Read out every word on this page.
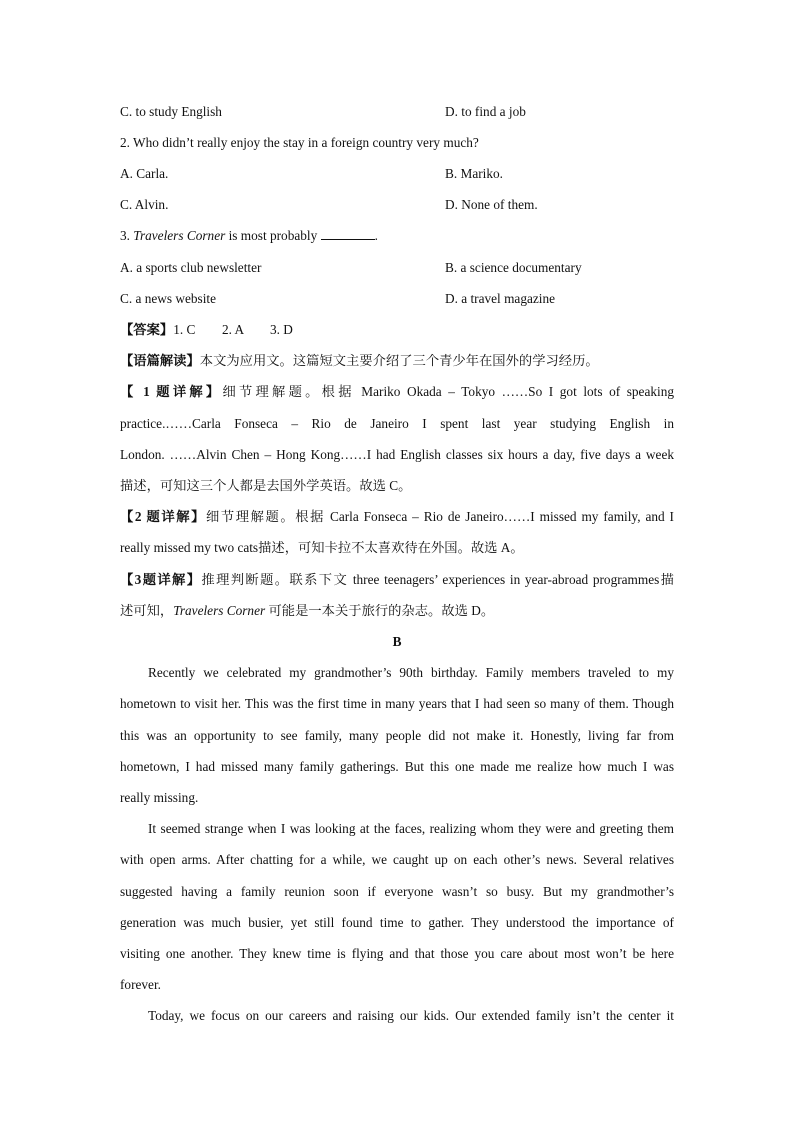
C. to study English	D. to find a job
2. Who didn’t really enjoy the stay in a foreign country very much?
A. Carla.	B. Mariko.
C. Alvin.	D. None of them.
3. Travelers Corner is most probably	.
A. a sports club newsletter	B. a science documentary
C. a news website	D. a travel magazine
【答案】1. C        2. A        3. D
【语篇解读】本文为应用文。这篇短文主要介绍了三个青少年在国外的学习经历。
【 1 题详解】细节理解题。根据 Mariko Okada – Tokyo ……So I got lots of speaking
practice.……Carla Fonseca – Rio de Janeiro I spent last year studying English in
London. ……Alvin Chen – Hong Kong……I had English classes six hours a day, five days a week
描述，可知这三个人都是去国外学英语。故选 C。
【2 题详解】细节理解题。根据 Carla Fonseca – Rio de Janeiro……I missed my family, and I
really missed my two cats描述，可知卡拉不太喜欢待在外国。故选 A。
【3题详解】推理判断题。联系下文 three teenagers’ experiences in year-abroad programmes描
述可知，Travelers Corner 可能是一本关于旅行的杂志。故选 D。
B
Recently we celebrated my grandmother’s 90th birthday. Family members traveled to my
hometown to visit her. This was the first time in many years that I had seen so many of them. Though
this was an opportunity to see family, many people did not make it. Honestly, living far from
hometown, I had missed many family gatherings. But this one made me realize how much I was
really missing.
It seemed strange when I was looking at the faces, realizing whom they were and greeting them
with open arms. After chatting for a while, we caught up on each other’s news. Several relatives
suggested having a family reunion soon if everyone wasn’t so busy. But my grandmother’s
generation was much busier, yet still found time to gather. They understood the importance of
visiting one another. They knew time is flying and that those you care about most won’t be here
forever.
Today, we focus on our careers and raising our kids. Our extended family isn’t the center it
